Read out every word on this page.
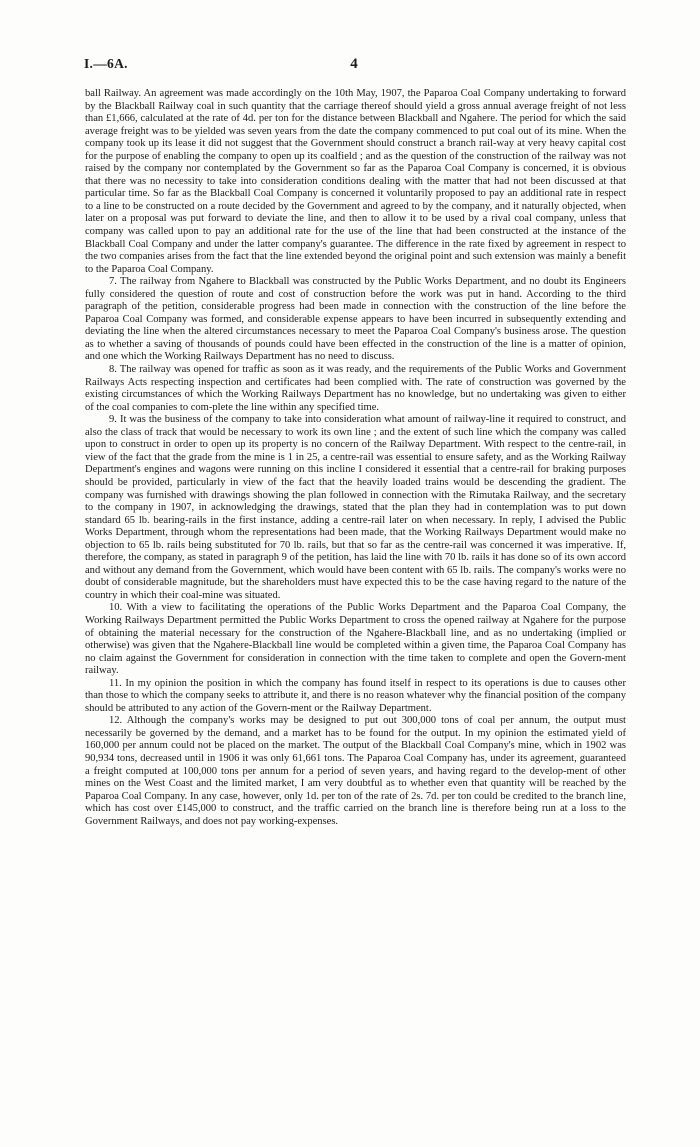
I.—6A.	4

ball Railway. An agreement was made accordingly on the 10th May, 1907, the Paparoa Coal Company undertaking to forward by the Blackball Railway coal in such quantity that the carriage thereof should yield a gross annual average freight of not less than £1,666, calculated at the rate of 4d. per ton for the distance between Blackball and Ngahere. The period for which the said average freight was to be yielded was seven years from the date the company commenced to put coal out of its mine. When the company took up its lease it did not suggest that the Government should construct a branch rail-way at very heavy capital cost for the purpose of enabling the company to open up its coalfield ; and as the question of the construction of the railway was not raised by the company nor contemplated by the Government so far as the Paparoa Coal Company is concerned, it is obvious that there was no necessity to take into consideration conditions dealing with the matter that had not been discussed at that particular time. So far as the Blackball Coal Company is concerned it voluntarily proposed to pay an additional rate in respect to a line to be constructed on a route decided by the Government and agreed to by the company, and it naturally objected, when later on a proposal was put forward to deviate the line, and then to allow it to be used by a rival coal company, unless that company was called upon to pay an additional rate for the use of the line that had been constructed at the instance of the Blackball Coal Company and under the latter company's guarantee. The difference in the rate fixed by agreement in respect to the two companies arises from the fact that the line extended beyond the original point and such extension was mainly a benefit to the Paparoa Coal Company.

7. The railway from Ngahere to Blackball was constructed by the Public Works Department, and no doubt its Engineers fully considered the question of route and cost of construction before the work was put in hand. According to the third paragraph of the petition, considerable progress had been made in connection with the construction of the line before the Paparoa Coal Company was formed, and considerable expense appears to have been incurred in subsequently extending and deviating the line when the altered circumstances necessary to meet the Paparoa Coal Company's business arose. The question as to whether a saving of thousands of pounds could have been effected in the construction of the line is a matter of opinion, and one which the Working Railways Department has no need to discuss.

8. The railway was opened for traffic as soon as it was ready, and the requirements of the Public Works and Government Railways Acts respecting inspection and certificates had been complied with. The rate of construction was governed by the existing circumstances of which the Working Railways Department has no knowledge, but no undertaking was given to either of the coal companies to com-plete the line within any specified time.

9. It was the business of the company to take into consideration what amount of railway-line it required to construct, and also the class of track that would be necessary to work its own line ; and the extent of such line which the company was called upon to construct in order to open up its property is no concern of the Railway Department. With respect to the centre-rail, in view of the fact that the grade from the mine is 1 in 25, a centre-rail was essential to ensure safety, and as the Working Railway Department's engines and wagons were running on this incline I considered it essential that a centre-rail for braking purposes should be provided, particularly in view of the fact that the heavily loaded trains would be descending the gradient. The company was furnished with drawings showing the plan followed in connection with the Rimutaka Railway, and the secretary to the company in 1907, in acknowledging the drawings, stated that the plan they had in contemplation was to put down standard 65 lb. bearing-rails in the first instance, adding a centre-rail later on when necessary. In reply, I advised the Public Works Department, through whom the representations had been made, that the Working Railways Department would make no objection to 65 lb. rails being substituted for 70 lb. rails, but that so far as the centre-rail was concerned it was imperative. If, therefore, the company, as stated in paragraph 9 of the petition, has laid the line with 70 lb. rails it has done so of its own accord and without any demand from the Government, which would have been content with 65 lb. rails. The company's works were no doubt of considerable magnitude, but the shareholders must have expected this to be the case having regard to the nature of the country in which their coal-mine was situated.

10. With a view to facilitating the operations of the Public Works Department and the Paparoa Coal Company, the Working Railways Department permitted the Public Works Department to cross the opened railway at Ngahere for the purpose of obtaining the material necessary for the construction of the Ngahere-Blackball line, and as no undertaking (implied or otherwise) was given that the Ngahere-Blackball line would be completed within a given time, the Paparoa Coal Company has no claim against the Government for consideration in connection with the time taken to complete and open the Govern-ment railway.

11. In my opinion the position in which the company has found itself in respect to its operations is due to causes other than those to which the company seeks to attribute it, and there is no reason whatever why the financial position of the company should be attributed to any action of the Govern-ment or the Railway Department.

12. Although the company's works may be designed to put out 300,000 tons of coal per annum, the output must necessarily be governed by the demand, and a market has to be found for the output. In my opinion the estimated yield of 160,000 per annum could not be placed on the market. The output of the Blackball Coal Company's mine, which in 1902 was 90,934 tons, decreased until in 1906 it was only 61,661 tons. The Paparoa Coal Company has, under its agreement, guaranteed a freight computed at 100,000 tons per annum for a period of seven years, and having regard to the develop-ment of other mines on the West Coast and the limited market, I am very doubtful as to whether even that quantity will be reached by the Paparoa Coal Company. In any case, however, only 1d. per ton of the rate of 2s. 7d. per ton could be credited to the branch line, which has cost over £145,000 to construct, and the traffic carried on the branch line is therefore being run at a loss to the Government Railways, and does not pay working-expenses.
